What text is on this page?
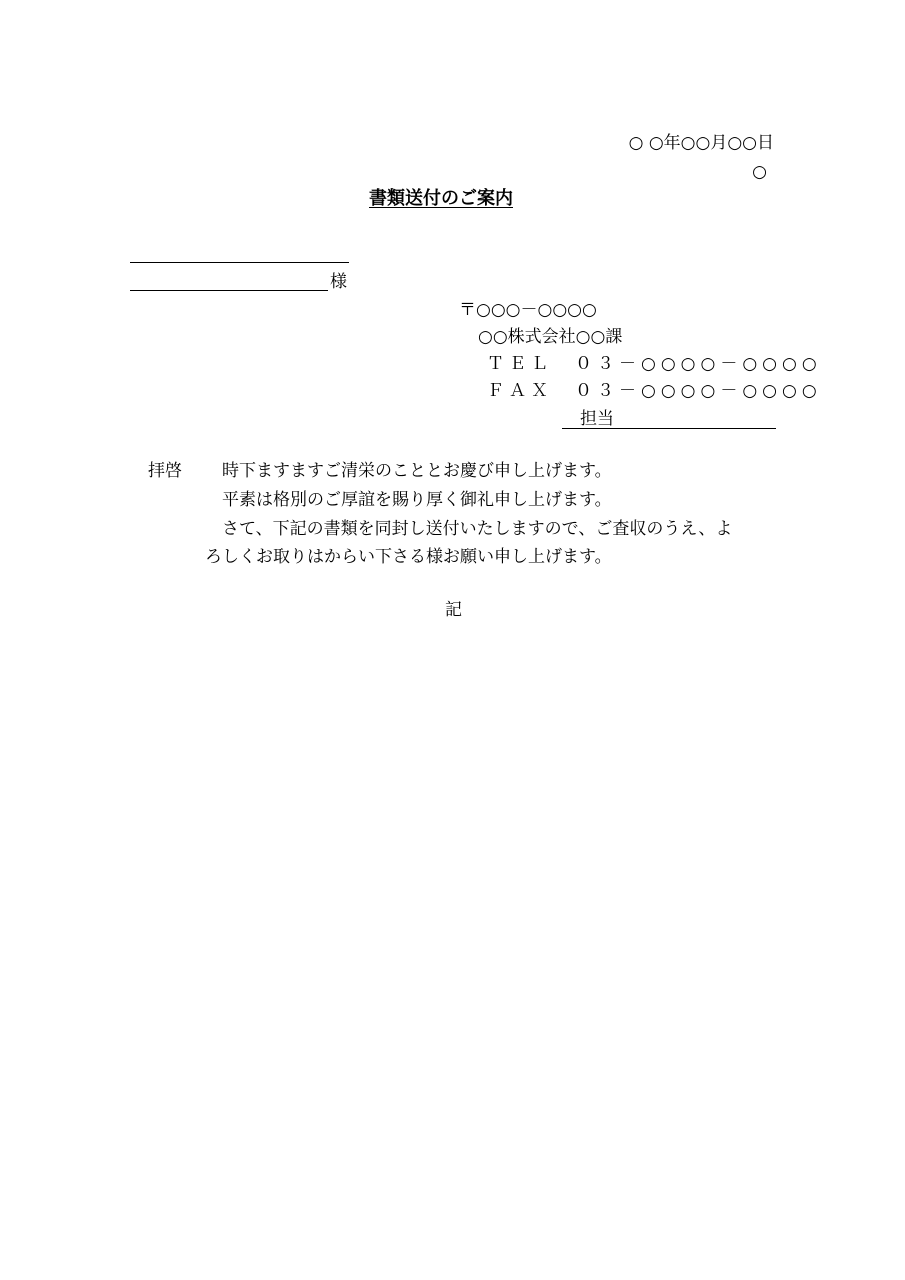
○ ○年○○月○○日
○
書類送付のご案内
様
〒○○○－○○○○
○○株式会社○○課
ＴＥＬ　０３－○○○○－○○○○
ＦＡＸ　０３－○○○○－○○○○
担当
拝啓 時下ますますご清栄のこととお慶び申し上げます。
平素は格別のご厚誼を賜り厚く御礼申し上げます。
さて、下記の書類を同封し送付いたしますので、ご査収のうえ、よ
ろしくお取りはからい下さる様お願い申し上げます。
記
